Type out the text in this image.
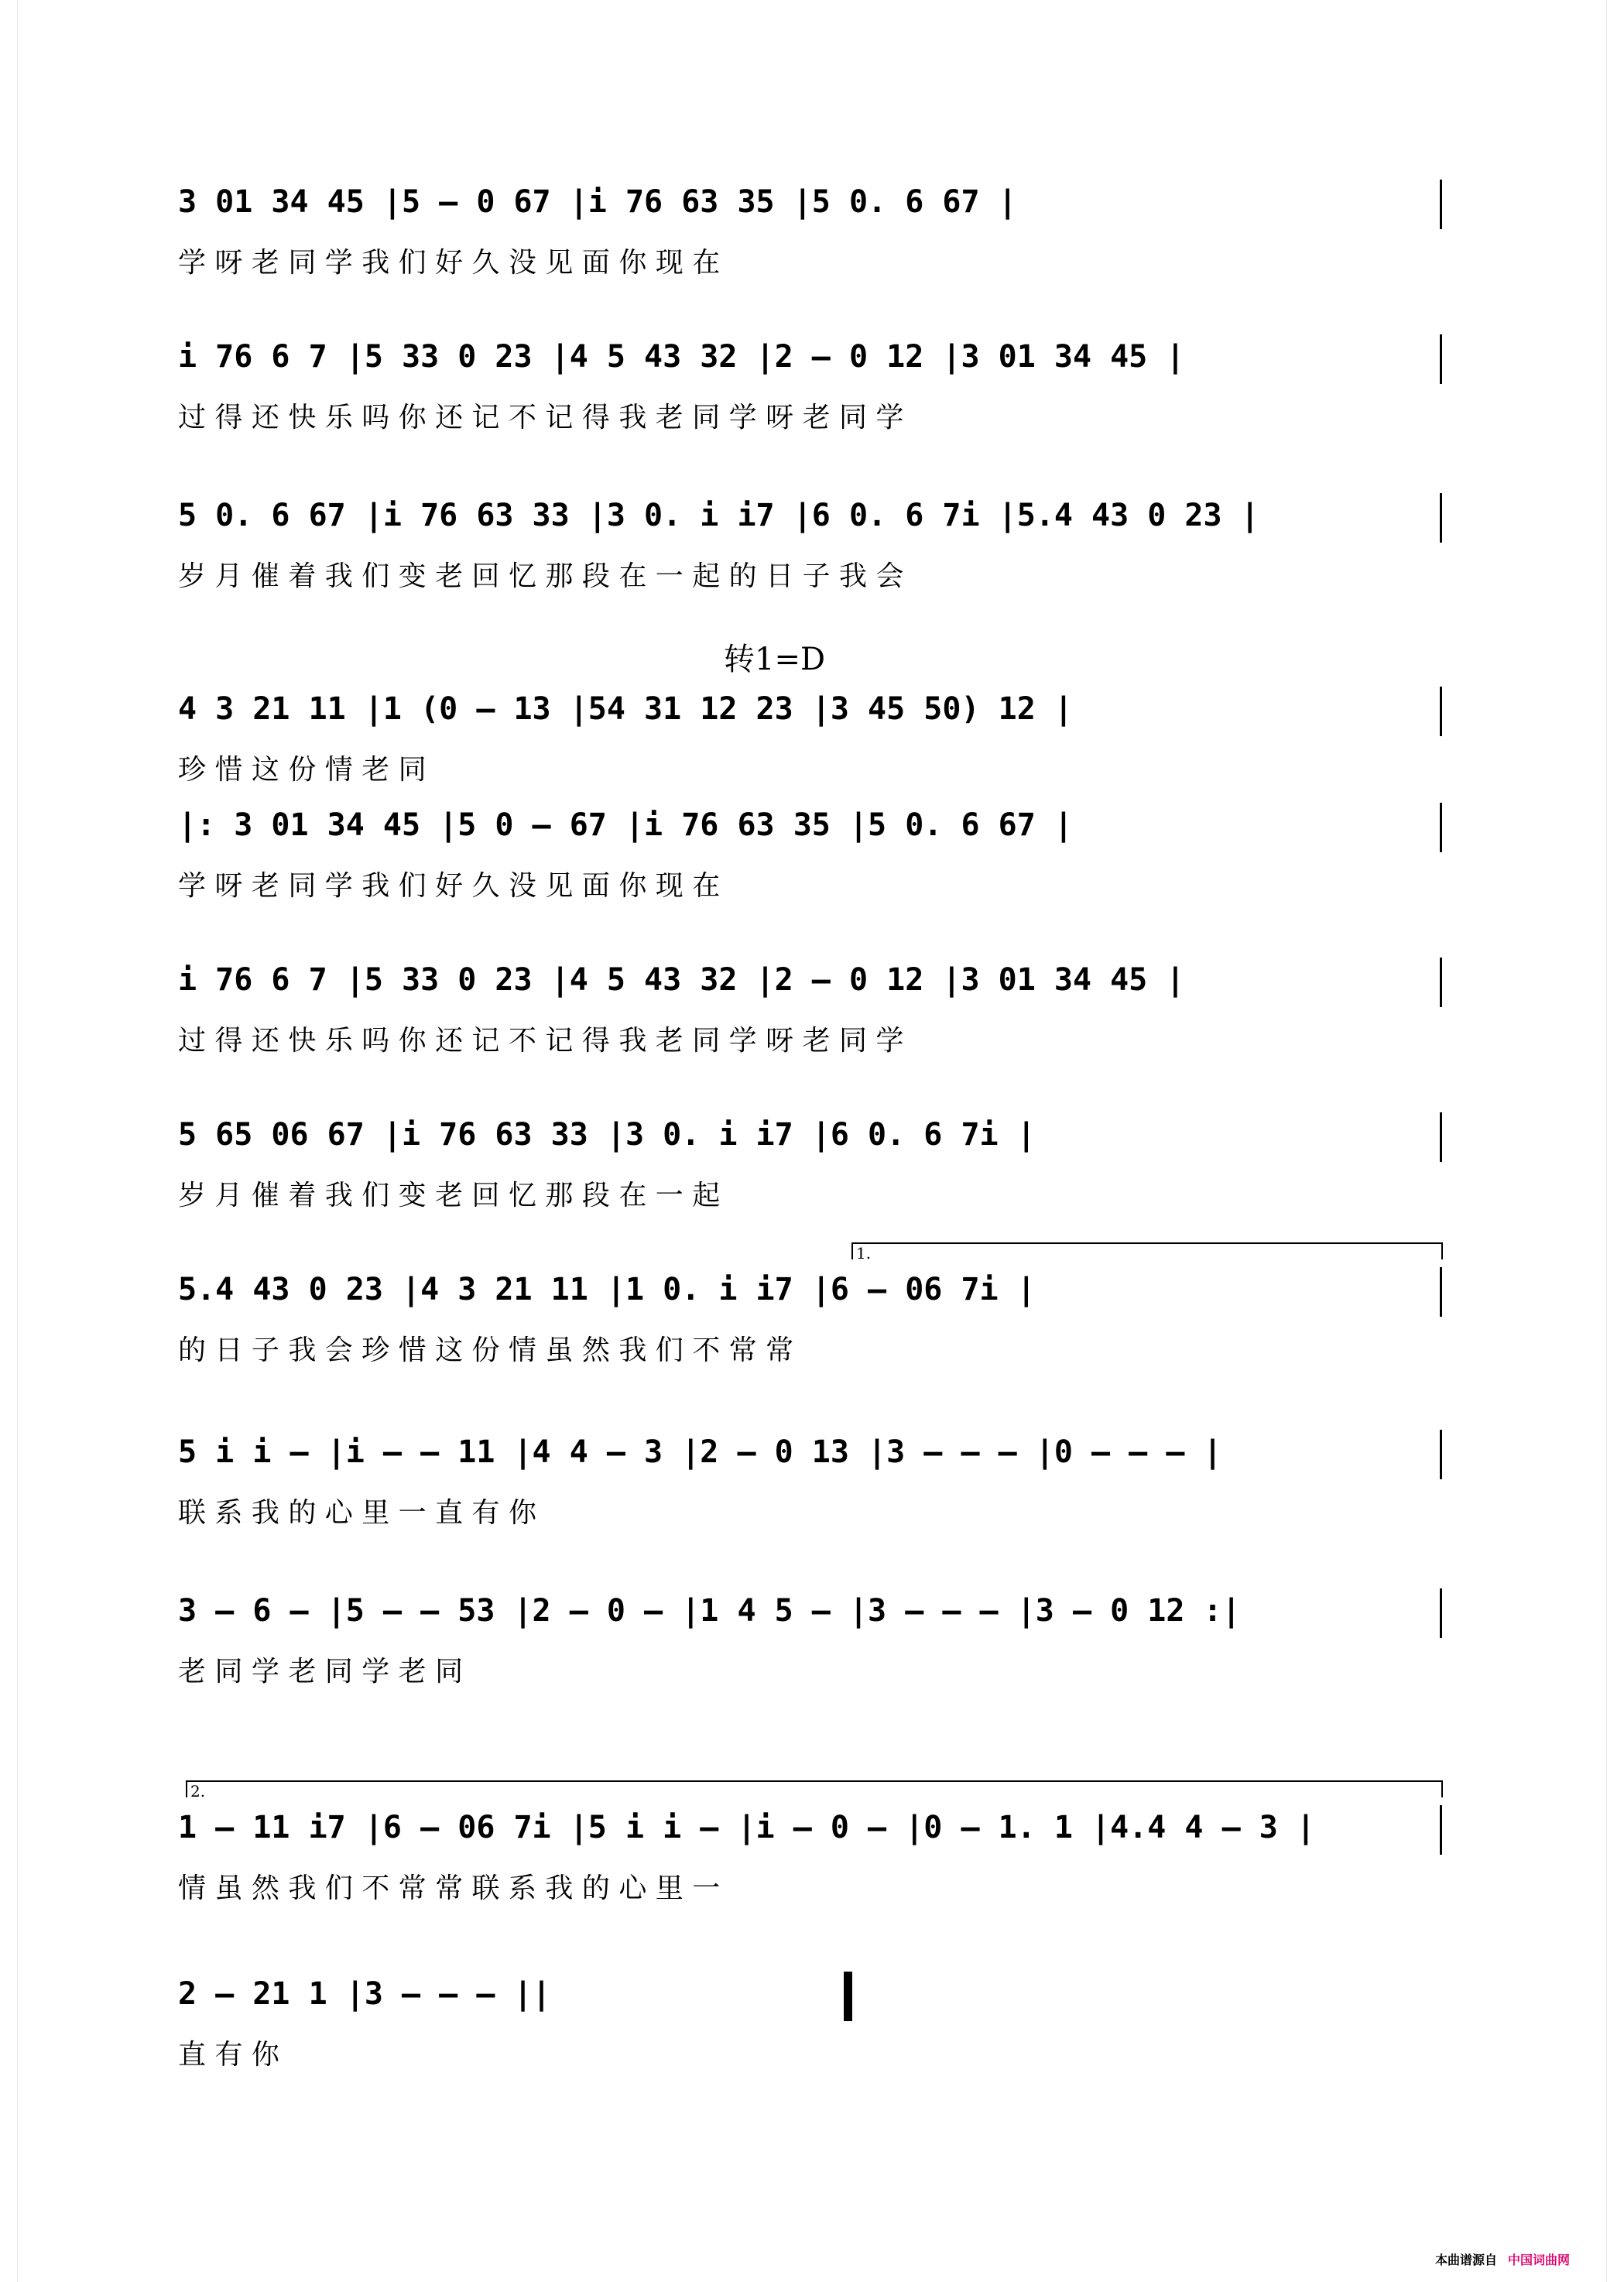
转1=D
3 01 34 45 |5 – 0 67 |i 76 63 35 |5 0. 6 67 |
学 呀 老 同 学 我 们 好 久 没 见 面 你 现 在
i 76 6 7 |5 33 0 23 |4 5 43 32 |2 – 0 12 |3 01 34 45 |
过 得 还 快 乐 吗 你 还 记 不 记 得 我 老 同 学 呀 老 同 学
5 0. 6 67 |i 76 63 33 |3 0. i i7 |6 0. 6 7i |5.4 43 0 23 |
岁 月 催 着 我 们 变 老 回 忆 那 段 在 一 起 的 日 子 我 会
4 3 21 11 |1 (0 – 13 |54 31 12 23 |3 45 50) 12 |
珍 惜 这 份 情 老 同
|: 3 01 34 45 |5 0 – 67 |i 76 63 35 |5 0. 6 67 |
学 呀 老 同 学 我 们 好 久 没 见 面 你 现 在
i 76 6 7 |5 33 0 23 |4 5 43 32 |2 – 0 12 |3 01 34 45 |
过 得 还 快 乐 吗 你 还 记 不 记 得 我 老 同 学 呀 老 同 学
5 65 06 67 |i 76 63 33 |3 0. i i7 |6 0. 6 7i |
岁 月 催 着 我 们 变 老 回 忆 那 段 在 一 起
5.4 43 0 23 |4 3 21 11 |1 0. i i7 |6 – 06 7i |
的 日 子 我 会 珍 惜 这 份 情 虽 然 我 们 不 常 常
1.
5 i i – |i – – 11 |4 4 – 3 |2 – 0 13 |3 – – – |0 – – – |
联 系 我 的 心 里 一 直 有 你
3 – 6 – |5 – – 53 |2 – 0 – |1 4 5 – |3 – – – |3 – 0 12 :|
老 同 学 老 同 学 老 同
1 – 11 i7 |6 – 06 7i |5 i i – |i – 0 – |0 – 1. 1 |4.4 4 – 3 |
情 虽 然 我 们 不 常 常 联 系 我 的 心 里 一
2.
2 – 21 1 |3 – – – ||
直 有 你
本曲谱源自 中国词曲网
